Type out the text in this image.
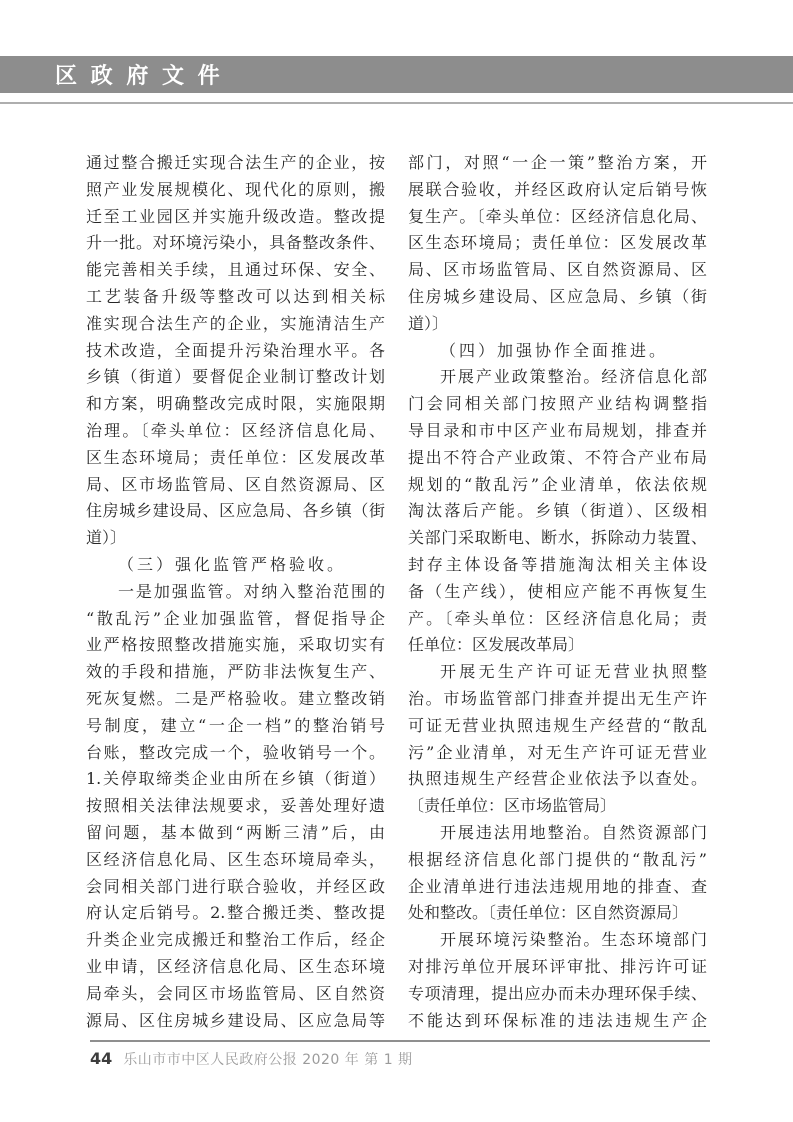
区 政 府 文 件
通过整合搬迁实现合法生产的企业，按
照产业发展规模化、现代化的原则，搬
迁至工业园区并实施升级改造。整改提
升一批。对环境污染小，具备整改条件、
能完善相关手续，且通过环保、安全、
工艺装备升级等整改可以达到相关标
准实现合法生产的企业，实施清洁生产
技术改造，全面提升污染治理水平。各
乡镇（街道）要督促企业制订整改计划
和方案，明确整改完成时限，实施限期
治理。〔牵头单位：区经济信息化局、
区生态环境局；责任单位：区发展改革
局、区市场监管局、区自然资源局、区
住房城乡建设局、区应急局、各乡镇（街
道）〕
（三）强化监管严格验收。
一是加强监管。对纳入整治范围的
“散乱污”企业加强监管，督促指导企
业严格按照整改措施实施，采取切实有
效的手段和措施，严防非法恢复生产、
死灰复燃。二是严格验收。建立整改销
号制度，建立“一企一档”的整治销号
台账，整改完成一个，验收销号一个。
1.关停取缔类企业由所在乡镇（街道）
按照相关法律法规要求，妥善处理好遗
留问题，基本做到“两断三清”后，由
区经济信息化局、区生态环境局牵头，
会同相关部门进行联合验收，并经区政
府认定后销号。2.整合搬迁类、整改提
升类企业完成搬迁和整治工作后，经企
业申请，区经济信息化局、区生态环境
局牵头，会同区市场监管局、区自然资
源局、区住房城乡建设局、区应急局等
部门，对照“一企一策”整治方案，开
展联合验收，并经区政府认定后销号恢
复生产。〔牵头单位：区经济信息化局、
区生态环境局；责任单位：区发展改革
局、区市场监管局、区自然资源局、区
住房城乡建设局、区应急局、乡镇（街
道）〕
（四）加强协作全面推进。
开展产业政策整治。经济信息化部
门会同相关部门按照产业结构调整指
导目录和市中区产业布局规划，排查并
提出不符合产业政策、不符合产业布局
规划的“散乱污”企业清单，依法依规
淘汰落后产能。乡镇（街道）、区级相
关部门采取断电、断水，拆除动力装置、
封存主体设备等措施淘汰相关主体设
备（生产线），使相应产能不再恢复生
产。〔牵头单位：区经济信息化局；责
任单位：区发展改革局〕
开展无生产许可证无营业执照整
治。市场监管部门排查并提出无生产许
可证无营业执照违规生产经营的“散乱
污”企业清单，对无生产许可证无营业
执照违规生产经营企业依法予以查处。
〔责任单位：区市场监管局〕
开展违法用地整治。自然资源部门
根据经济信息化部门提供的“散乱污”
企业清单进行违法违规用地的排查、查
处和整改。〔责任单位：区自然资源局〕
开展环境污染整治。生态环境部门
对排污单位开展环评审批、排污许可证
专项清理，提出应办而未办理环保手续、
不能达到环保标准的违法违规生产企
44 乐山市市中区人民政府公报 2020 年 第 1 期
